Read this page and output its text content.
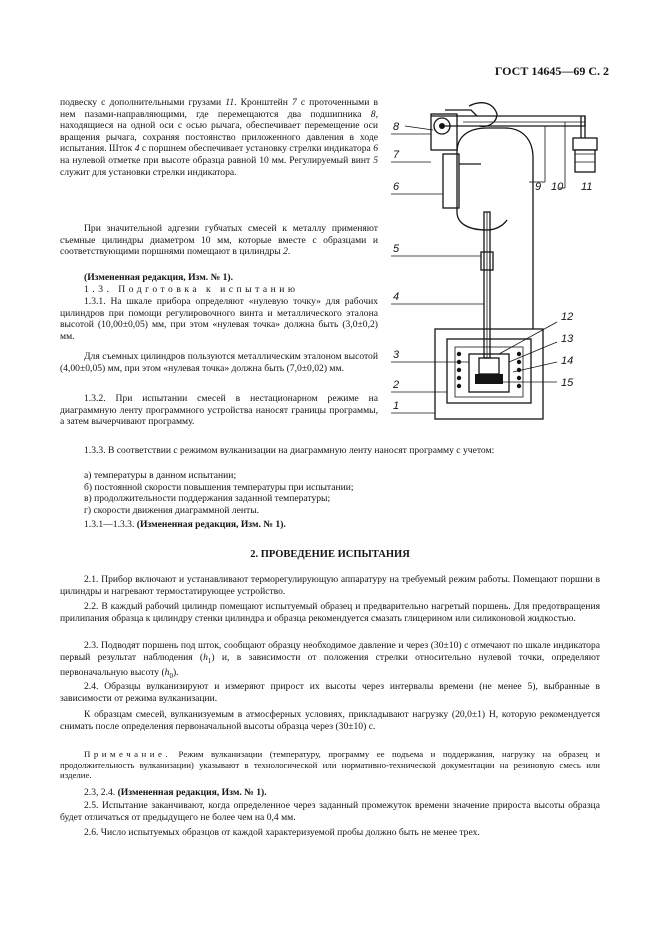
ГОСТ 14645—69 С. 2

подвеску с дополнительными грузами 11. Кронштейн 7 с проточенными в нем пазами-направляющими, где перемещаются два подшипника 8, находящиеся на одной оси с осью рычага, обеспечивает перемещение оси вращения рычага, сохраняя постоянство приложенного давления в ходе испытания. Шток 4 с поршнем обеспечивает установку стрелки индикатора 6 на нулевой отметке при высоте образца равной 10 мм. Регулируемый винт 5 служит для установки стрелки индикатора.

При значительной адгезии губчатых смесей к металлу применяют съемные цилиндры диаметром 10 мм, которые вместе с образцами и соответствующими поршнями помещают в цилиндры 2.

(Измененная редакция, Изм. № 1).

1.3. Подготовка к испытанию

1.3.1. На шкале прибора определяют «нулевую точку» для рабочих цилиндров при помощи регулировочного винта и металлического эталона высотой (10,00±0,05) мм, при этом «нулевая точка» должна быть (3,0±0,2) мм.

Для съемных цилиндров пользуются металлическим эталоном высотой (4,00±0,05) мм, при этом «нулевая точка» должна быть (7,0±0,02) мм.

1.3.2. При испытании смесей в нестационарном режиме на диаграммную ленту программного устройства наносят границы программы, а затем вычерчивают программу.

8
7
6
5
4
3
2
1
9 10 11
12
13
14
15

1.3.3. В соответствии с режимом вулканизации на диаграммную ленту наносят программу с учетом:

а) температуры в данном испытании;
б) постоянной скорости повышения температуры при испытании;
в) продолжительности поддержания заданной температуры;
г) скорости движения диаграммной ленты.

1.3.1—1.3.3. (Измененная редакция, Изм. № 1).

2. ПРОВЕДЕНИЕ ИСПЫТАНИЯ

2.1. Прибор включают и устанавливают терморегулирующую аппаратуру на требуемый режим работы. Помещают поршни в цилиндры и нагревают термостатирующее устройство.

2.2. В каждый рабочий цилиндр помещают испытуемый образец и предварительно нагретый поршень. Для предотвращения прилипания образца к цилиндру стенки цилиндра и образца рекомендуется смазать глицерином или силиконовой жидкостью.

2.3. Подводят поршень под шток, сообщают образцу необходимое давление и через (30±10) с отмечают по шкале индикатора первый результат наблюдения $(h_1)$ и, в зависимости от положения стрелки относительно нулевой точки, определяют первоначальную высоту $(h_0)$.

2.4. Образцы вулканизируют и измеряют прирост их высоты через интервалы времени (не менее 5), выбранные в зависимости от режима вулканизации.

К образцам смесей, вулканизуемым в атмосферных условиях, прикладывают нагрузку (20,0±1) Н, которую рекомендуется снимать после определения первоначальной высоты образца через (30±10) с.

Примечание. Режим вулканизации (температуру, программу ее подъема и поддержания, нагрузку на образец и продолжительность вулканизации) указывают в технологической или нормативно-технической документации на резиновую смесь или изделие.

2.3, 2.4. (Измененная редакция, Изм. № 1).

2.5. Испытание заканчивают, когда определенное через заданный промежуток времени значение прироста высоты образца будет отличаться от предыдущего не более чем на 0,4 мм.

2.6. Число испытуемых образцов от каждой характеризуемой пробы должно быть не менее трех.
